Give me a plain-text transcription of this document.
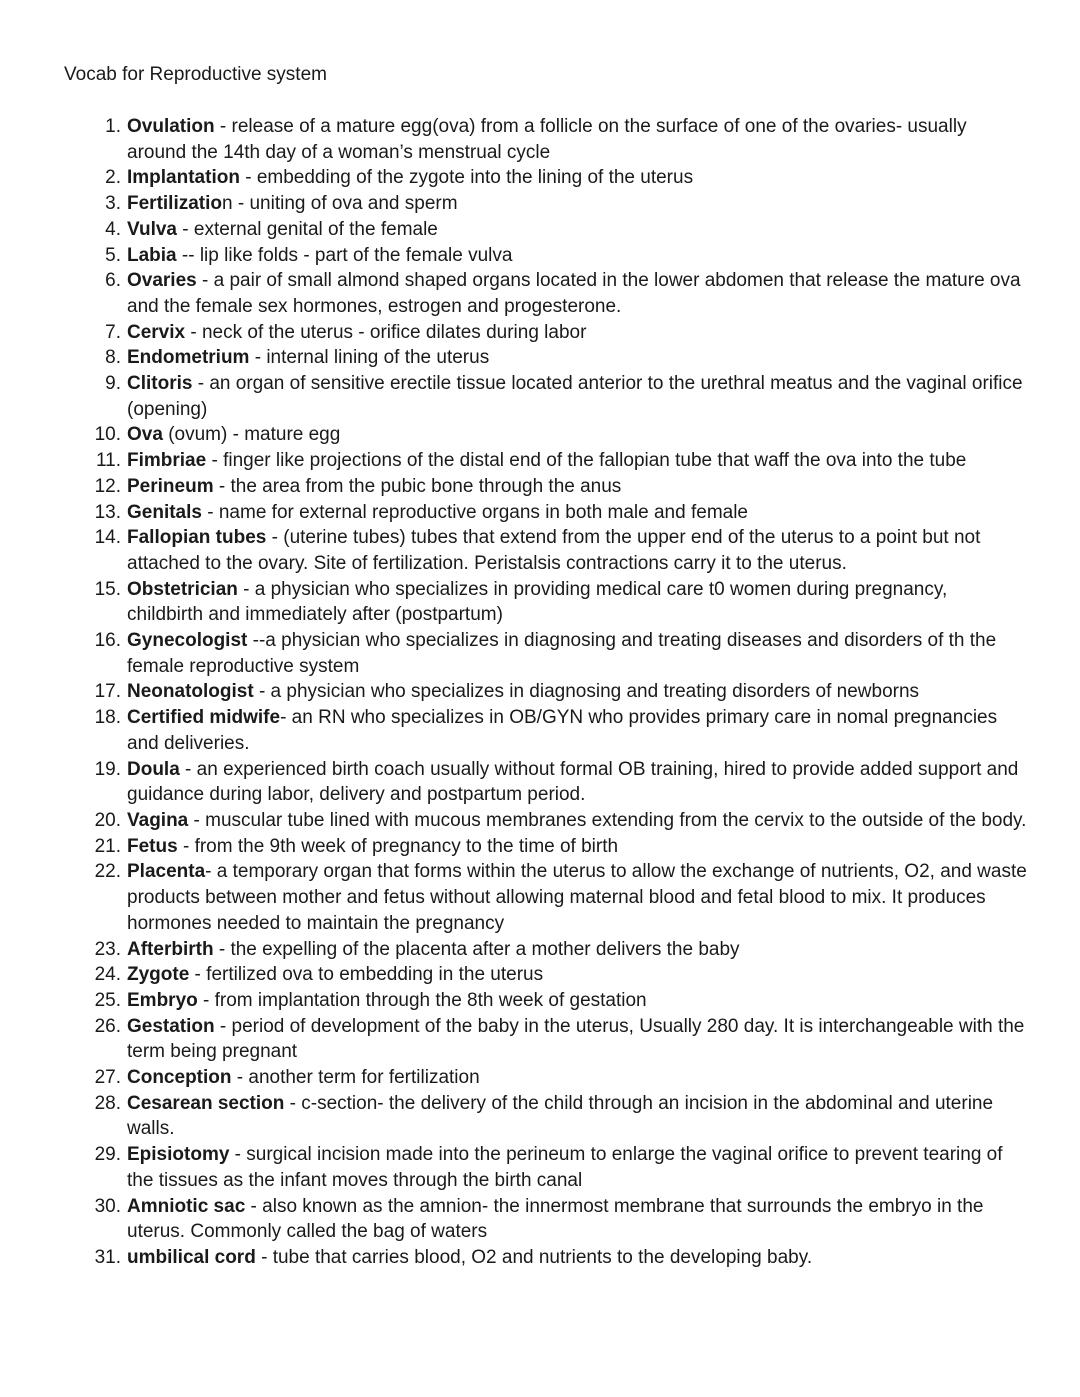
Vocab for Reproductive system
1. Ovulation - release of a mature egg(ova) from a follicle on the surface of one of the ovaries- usually around the 14th day of a woman’s menstrual cycle
2. Implantation - embedding of the zygote into the lining of the uterus
3. Fertilization - uniting of ova and sperm
4. Vulva - external genital of the female
5. Labia -- lip like folds - part of the female vulva
6. Ovaries - a pair of small almond shaped organs located in the lower abdomen that release the mature ova and the female sex hormones, estrogen and progesterone.
7. Cervix - neck of the uterus - orifice dilates during labor
8. Endometrium - internal lining of the uterus
9. Clitoris - an organ of sensitive erectile tissue located anterior to the urethral meatus and the vaginal orifice (opening)
10. Ova (ovum) - mature egg
11. Fimbriae - finger like projections of the distal end of the fallopian tube that waff the ova into the tube
12. Perineum - the area from the pubic bone through the anus
13. Genitals - name for external reproductive organs in both male and female
14. Fallopian tubes - (uterine tubes) tubes that extend from the upper end of the uterus to a point but not attached to the ovary. Site of fertilization. Peristalsis contractions carry it to the uterus.
15. Obstetrician - a physician who specializes in providing medical care t0 women during pregnancy, childbirth and immediately after (postpartum)
16. Gynecologist --a physician who specializes in diagnosing and treating diseases and disorders of th the female reproductive system
17. Neonatologist - a physician who specializes in diagnosing and treating disorders of newborns
18. Certified midwife- an RN who specializes in OB/GYN who provides primary care in nomal pregnancies and deliveries.
19. Doula - an experienced birth coach usually without formal OB training, hired to provide added support and guidance during labor, delivery and postpartum period.
20. Vagina - muscular tube lined with mucous membranes extending from the cervix to the outside of the body.
21. Fetus - from the 9th week of pregnancy to the time of birth
22. Placenta- a temporary organ that forms within the uterus to allow the exchange of nutrients, O2, and waste products between mother and fetus without allowing maternal blood and fetal blood to mix. It produces hormones needed to maintain the pregnancy
23. Afterbirth - the expelling of the placenta after a mother delivers the baby
24. Zygote - fertilized ova to embedding in the uterus
25. Embryo - from implantation through the 8th week of gestation
26. Gestation - period of development of the baby in the uterus, Usually 280 day. It is interchangeable with the term being pregnant
27. Conception - another term for fertilization
28. Cesarean section - c-section- the delivery of the child through an incision in the abdominal and uterine walls.
29. Episiotomy - surgical incision made into the perineum to enlarge the vaginal orifice to prevent tearing of the tissues as the infant moves through the birth canal
30. Amniotic sac - also known as the amnion- the innermost membrane that surrounds the embryo in the uterus. Commonly called the bag of waters
31. umbilical cord - tube that carries blood, O2 and nutrients to the developing baby.
